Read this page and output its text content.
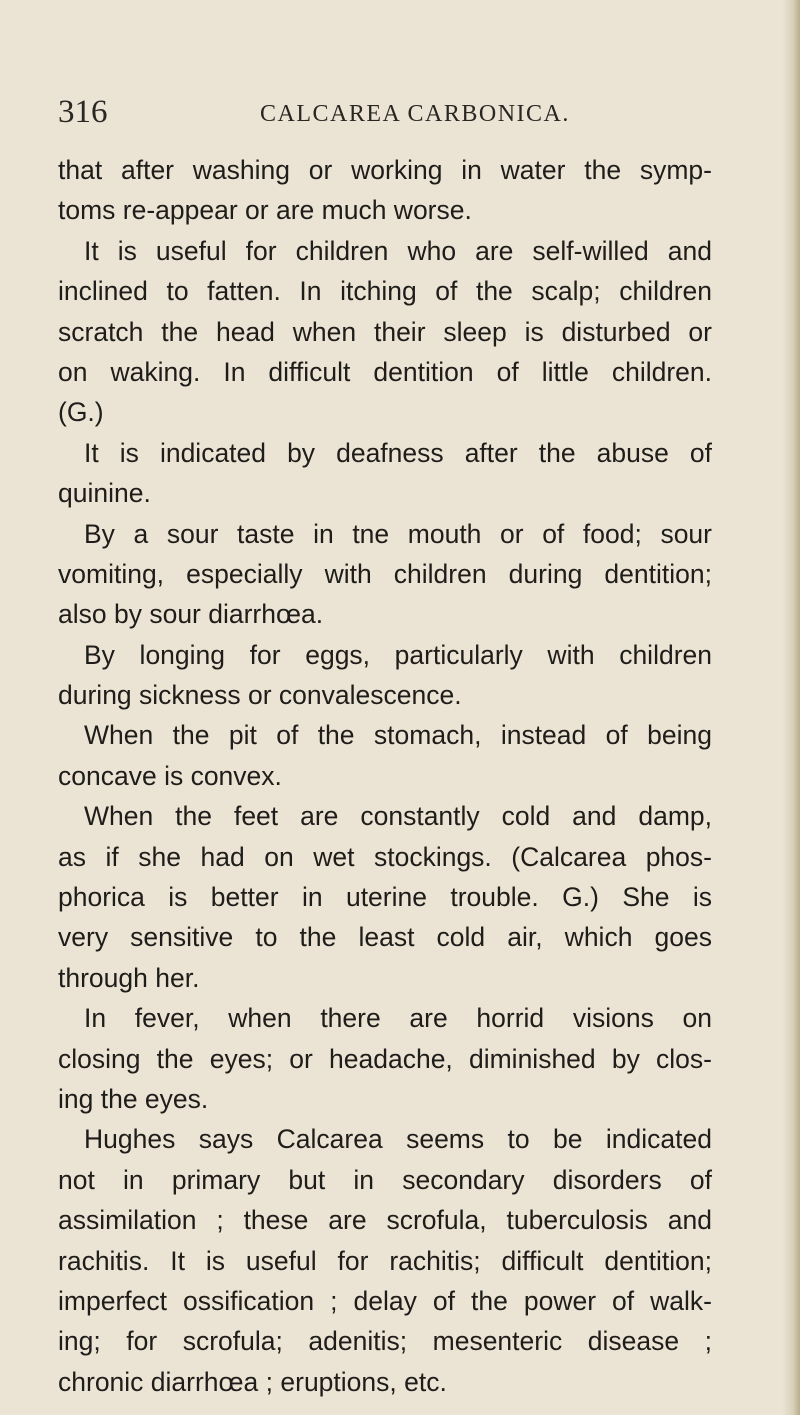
316	CALCAREA CARBONICA.
that after washing or working in water the symp-
toms re-appear or are much worse.
It is useful for children who are self-willed and
inclined to fatten. In itching of the scalp; children
scratch the head when their sleep is disturbed or
on waking. In difficult dentition of little children.
(G.)
It is indicated by deafness after the abuse of
quinine.
By a sour taste in tne mouth or of food; sour
vomiting, especially with children during dentition;
also by sour diarrhœa.
By longing for eggs, particularly with children
during sickness or convalescence.
When the pit of the stomach, instead of being
concave is convex.
When the feet are constantly cold and damp,
as if she had on wet stockings. (Calcarea phos-
phorica is better in uterine trouble. G.) She is
very sensitive to the least cold air, which goes
through her.
In fever, when there are horrid visions on
closing the eyes; or headache, diminished by clos-
ing the eyes.
Hughes says Calcarea seems to be indicated
not in primary but in secondary disorders of
assimilation ; these are scrofula, tuberculosis and
rachitis. It is useful for rachitis; difficult dentition;
imperfect ossification ; delay of the power of walk-
ing; for scrofula; adenitis; mesenteric disease ;
chronic diarrhœa ; eruptions, etc.
